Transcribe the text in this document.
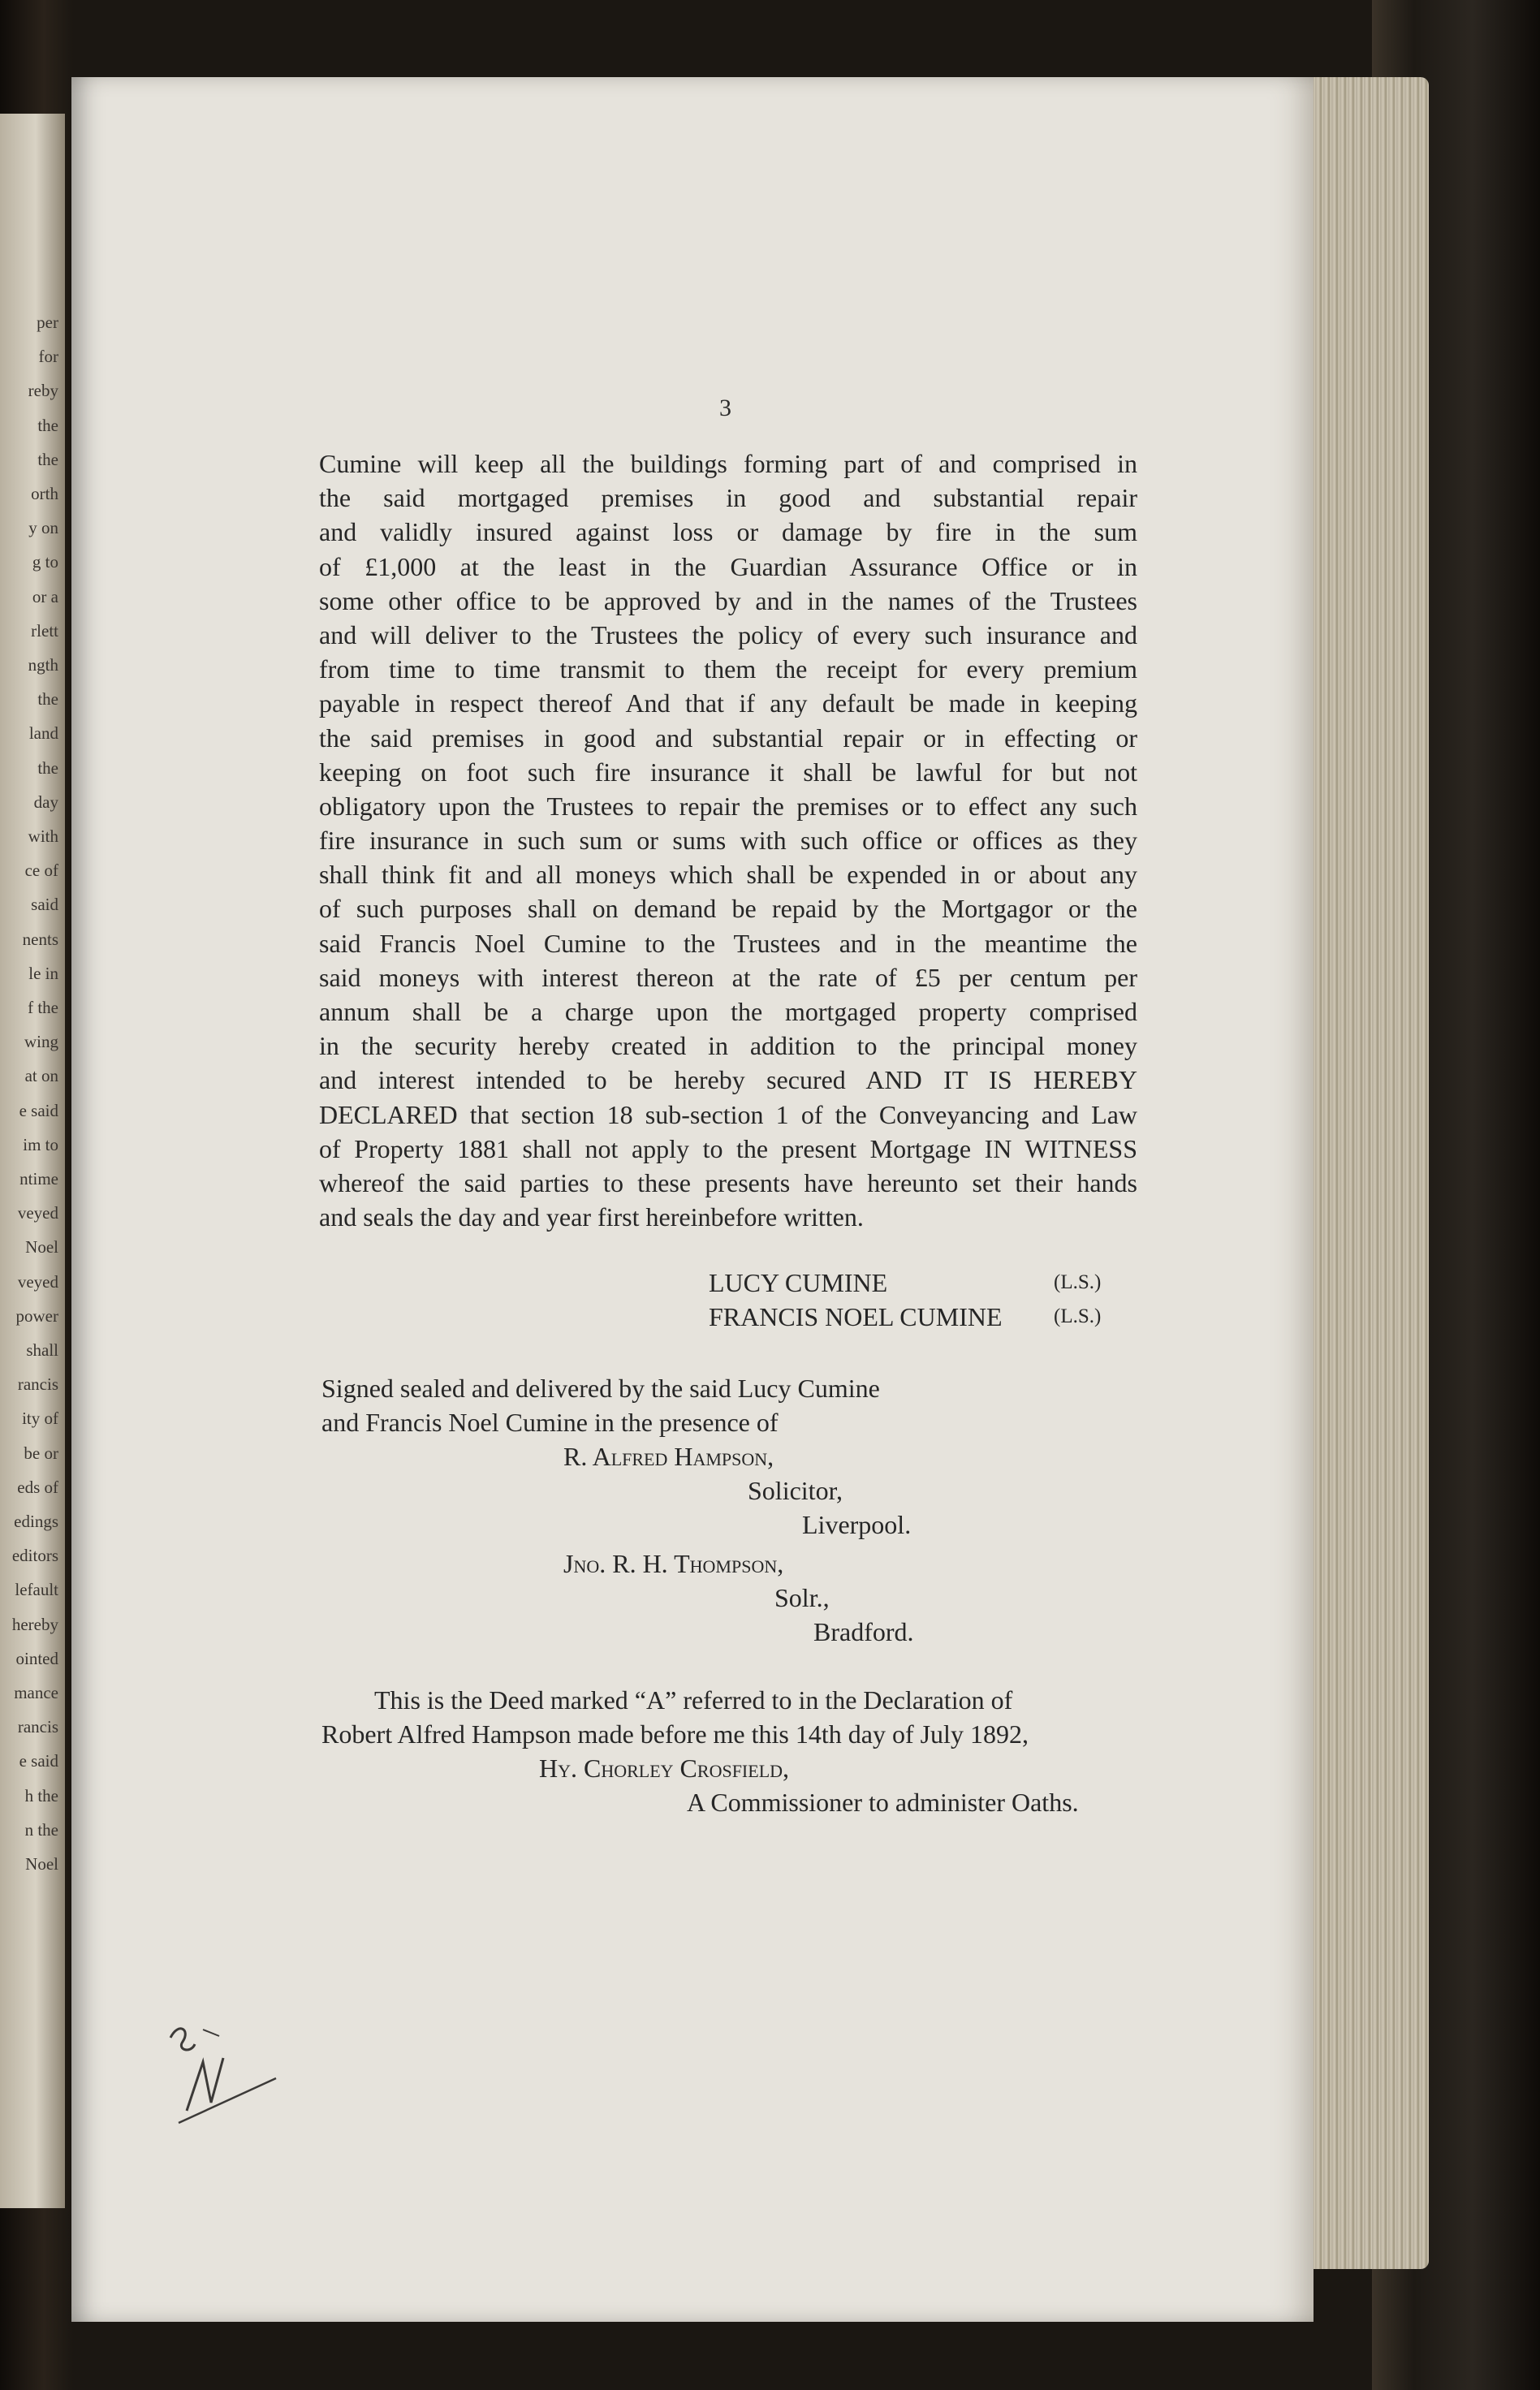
per
for
reby
the
the
orth
y on
g to
or a
rlett
ngth
the
land
the
day
with
ce of
said
nents
le in
f the
wing
at on
e said
im to
ntime
veyed
Noel
veyed
power
shall
rancis
ity of
be or
eds of
edings
editors
lefault
hereby
ointed
mance
rancis
e said
h the
n the
Noel
3
Cumine will keep all the buildings forming part of and comprised in
the said mortgaged premises in good and substantial repair
and validly insured against loss or damage by fire in the sum
of £1,000 at the least in the Guardian Assurance Office or in
some other office to be approved by and in the names of the Trustees
and will deliver to the Trustees the policy of every such insurance and
from time to time transmit to them the receipt for every premium
payable in respect thereof And that if any default be made in keeping
the said premises in good and substantial repair or in effecting or
keeping on foot such fire insurance it shall be lawful for but not
obligatory upon the Trustees to repair the premises or to effect any such
fire insurance in such sum or sums with such office or offices as they
shall think fit and all moneys which shall be expended in or about any
of such purposes shall on demand be repaid by the Mortgagor or the
said Francis Noel Cumine to the Trustees and in the meantime the
said moneys with interest thereon at the rate of £5 per centum per
annum shall be a charge upon the mortgaged property comprised
in the security hereby created in addition to the principal money
and interest intended to be hereby secured AND IT IS HEREBY
DECLARED that section 18 sub-section 1 of the Conveyancing and Law
of Property 1881 shall not apply to the present Mortgage IN WITNESS
whereof the said parties to these presents have hereunto set their hands
and seals the day and year first hereinbefore written.
LUCY CUMINE	(L.S.)
FRANCIS NOEL CUMINE	(L.S.)
Signed sealed and delivered by the said Lucy Cumine
and Francis Noel Cumine in the presence of
R. Alfred Hampson,
Solicitor,
Liverpool.
Jno. R. H. Thompson,
Solr.,
Bradford.
This is the Deed marked “A” referred to in the Declaration of
Robert Alfred Hampson made before me this 14th day of July 1892,
Hy. Chorley Crosfield,
A Commissioner to administer Oaths.
